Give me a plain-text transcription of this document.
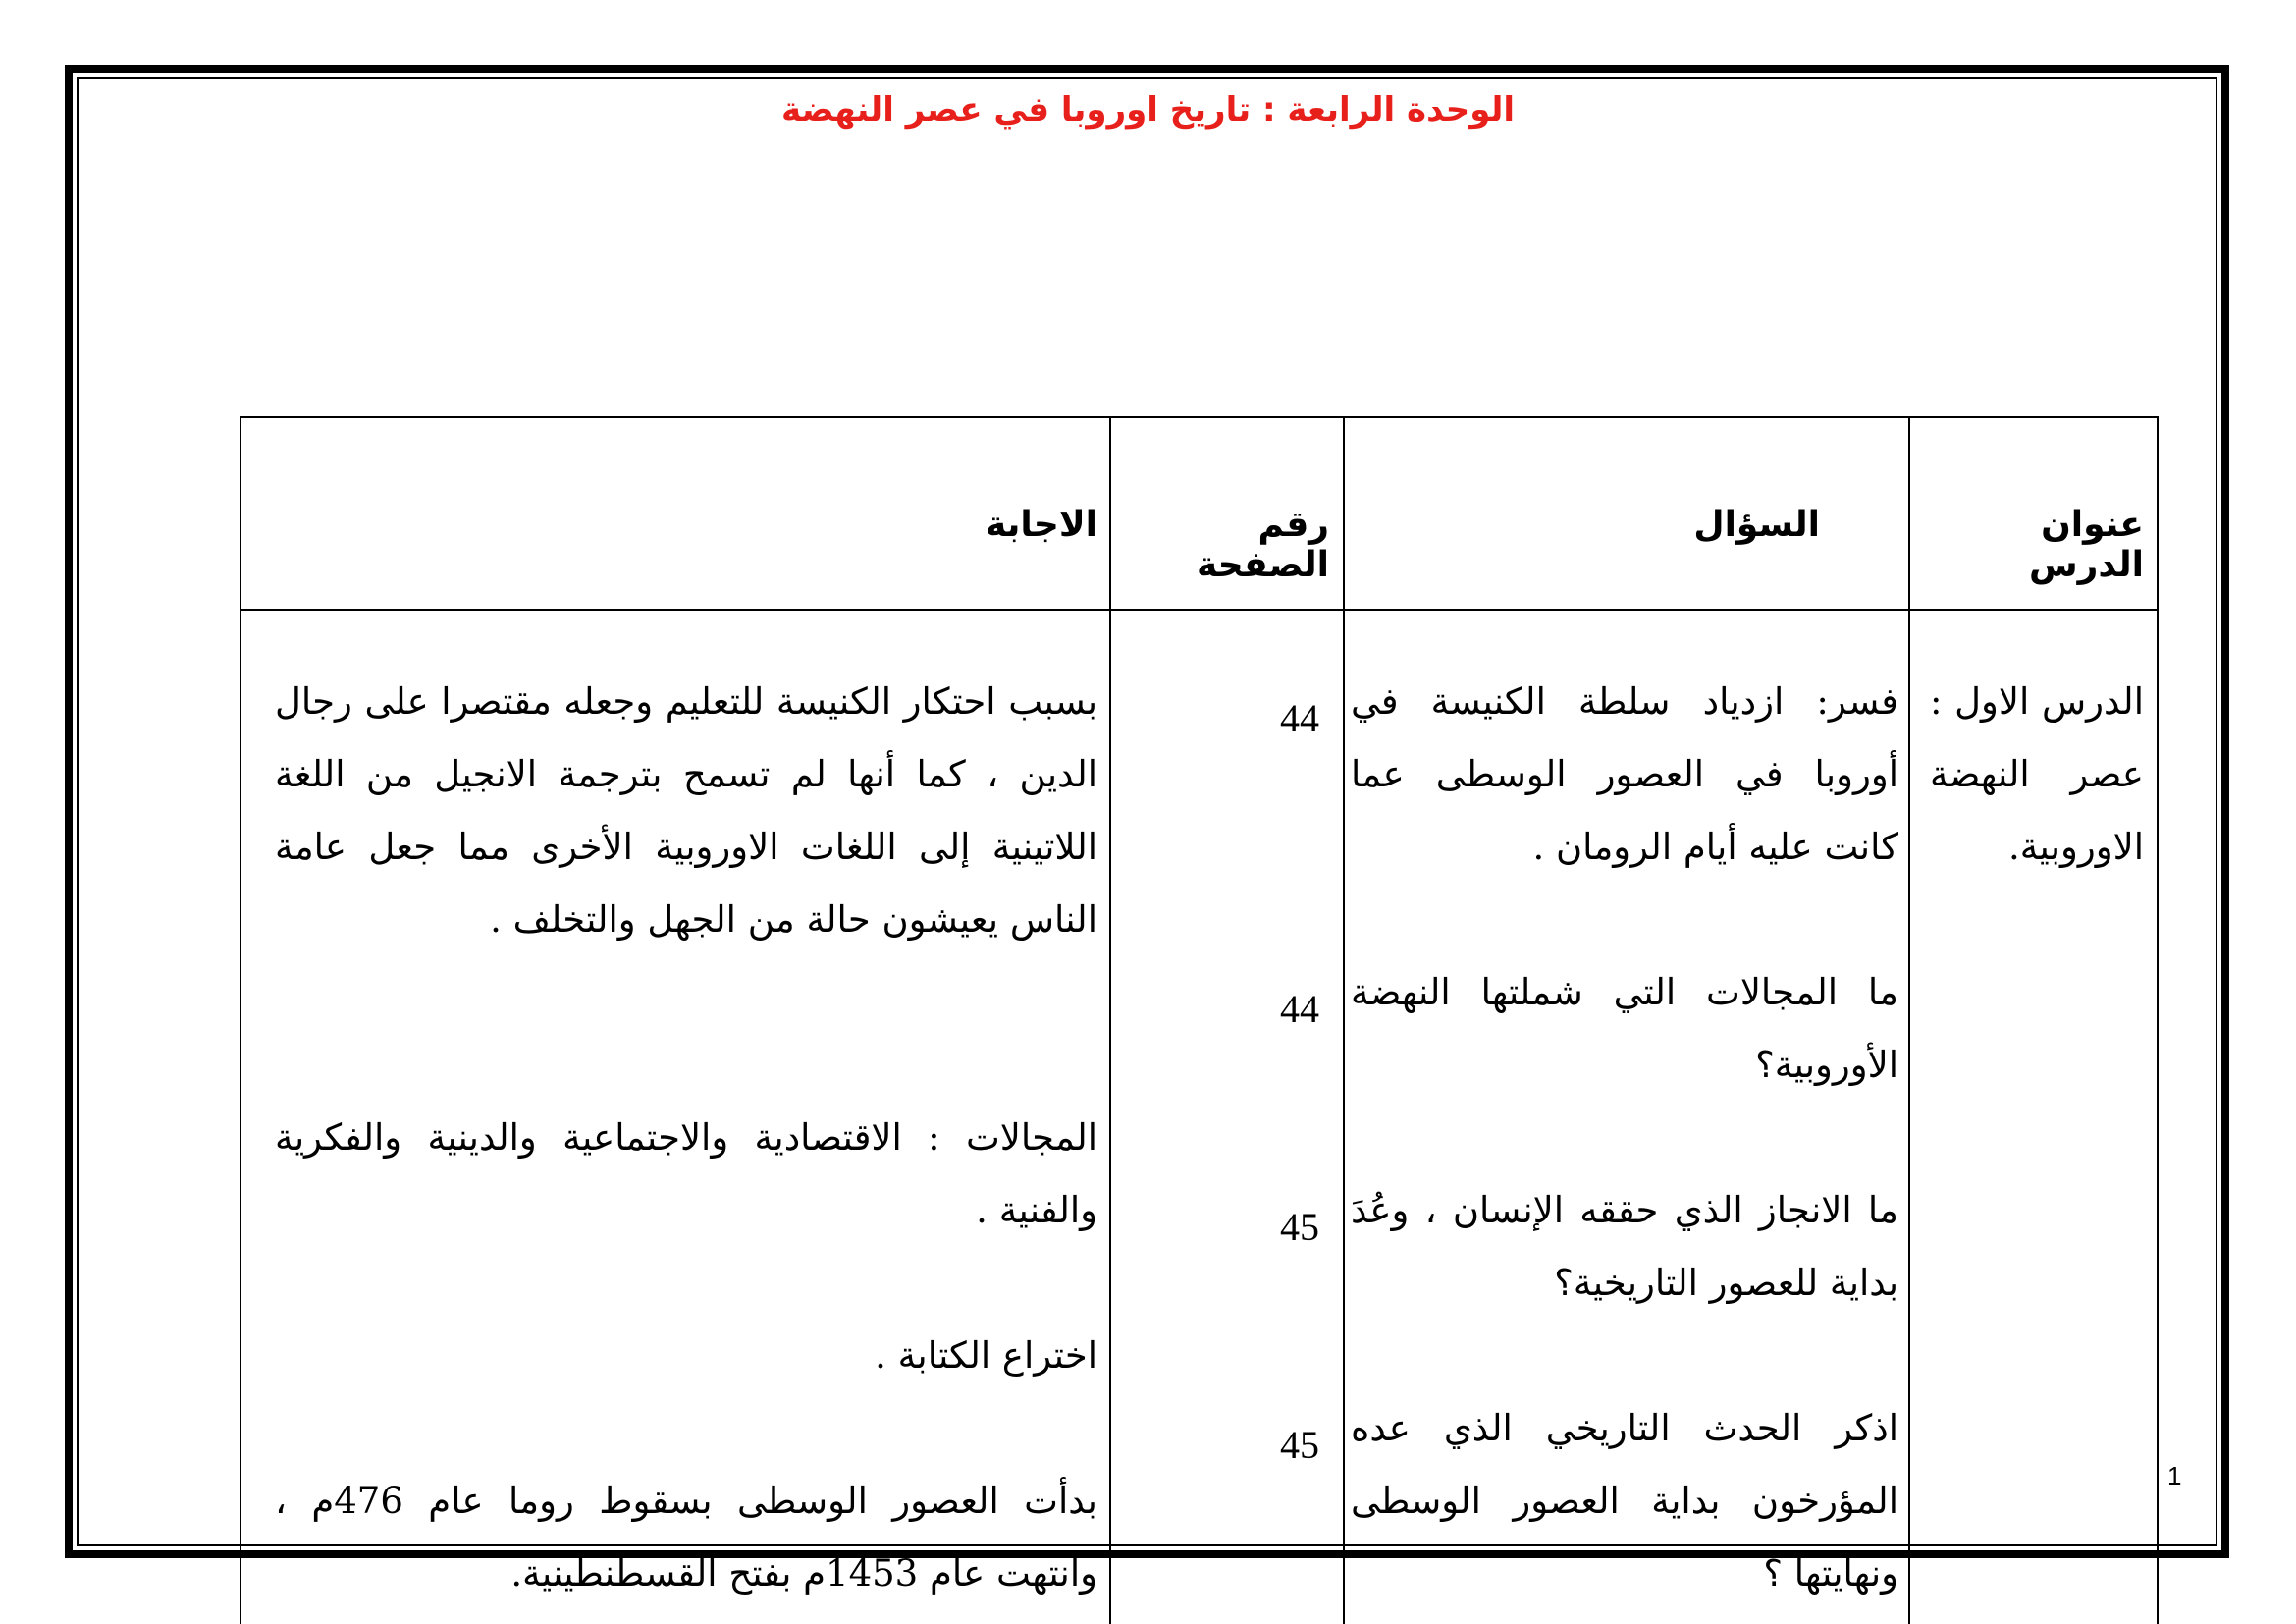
الوحدة الرابعة : تاريخ اوروبا في عصر النهضة
عنوان الدرس
السؤال
رقم الصفحة
الاجابة
الدرس الاول : عصر النهضة الاوروبية.
فسر: ازدياد سلطة الكنيسة في أوروبا في العصور الوسطى عما كانت عليه أيام الرومان .
ما المجالات التي شملتها النهضة الأوروبية؟
ما الانجاز الذي حققه الإنسان ، وعُدَ بداية للعصور التاريخية؟
اذكر الحدث التاريخي الذي عده المؤرخون بداية العصور الوسطى ونهايتها ؟
44
44
45
45
بسبب احتكار الكنيسة للتعليم وجعله مقتصرا على رجال الدين ، كما أنها لم تسمح بترجمة الانجيل من اللغة اللاتينية إلى اللغات الاوروبية الأخرى مما جعل عامة الناس يعيشون حالة من الجهل والتخلف .
المجالات : الاقتصادية والاجتماعية والدينية والفكرية والفنية .
اختراع الكتابة .
بدأت العصور الوسطى بسقوط روما عام 476م ، وانتهت عام 1453م بفتح القسطنطينية.
1
